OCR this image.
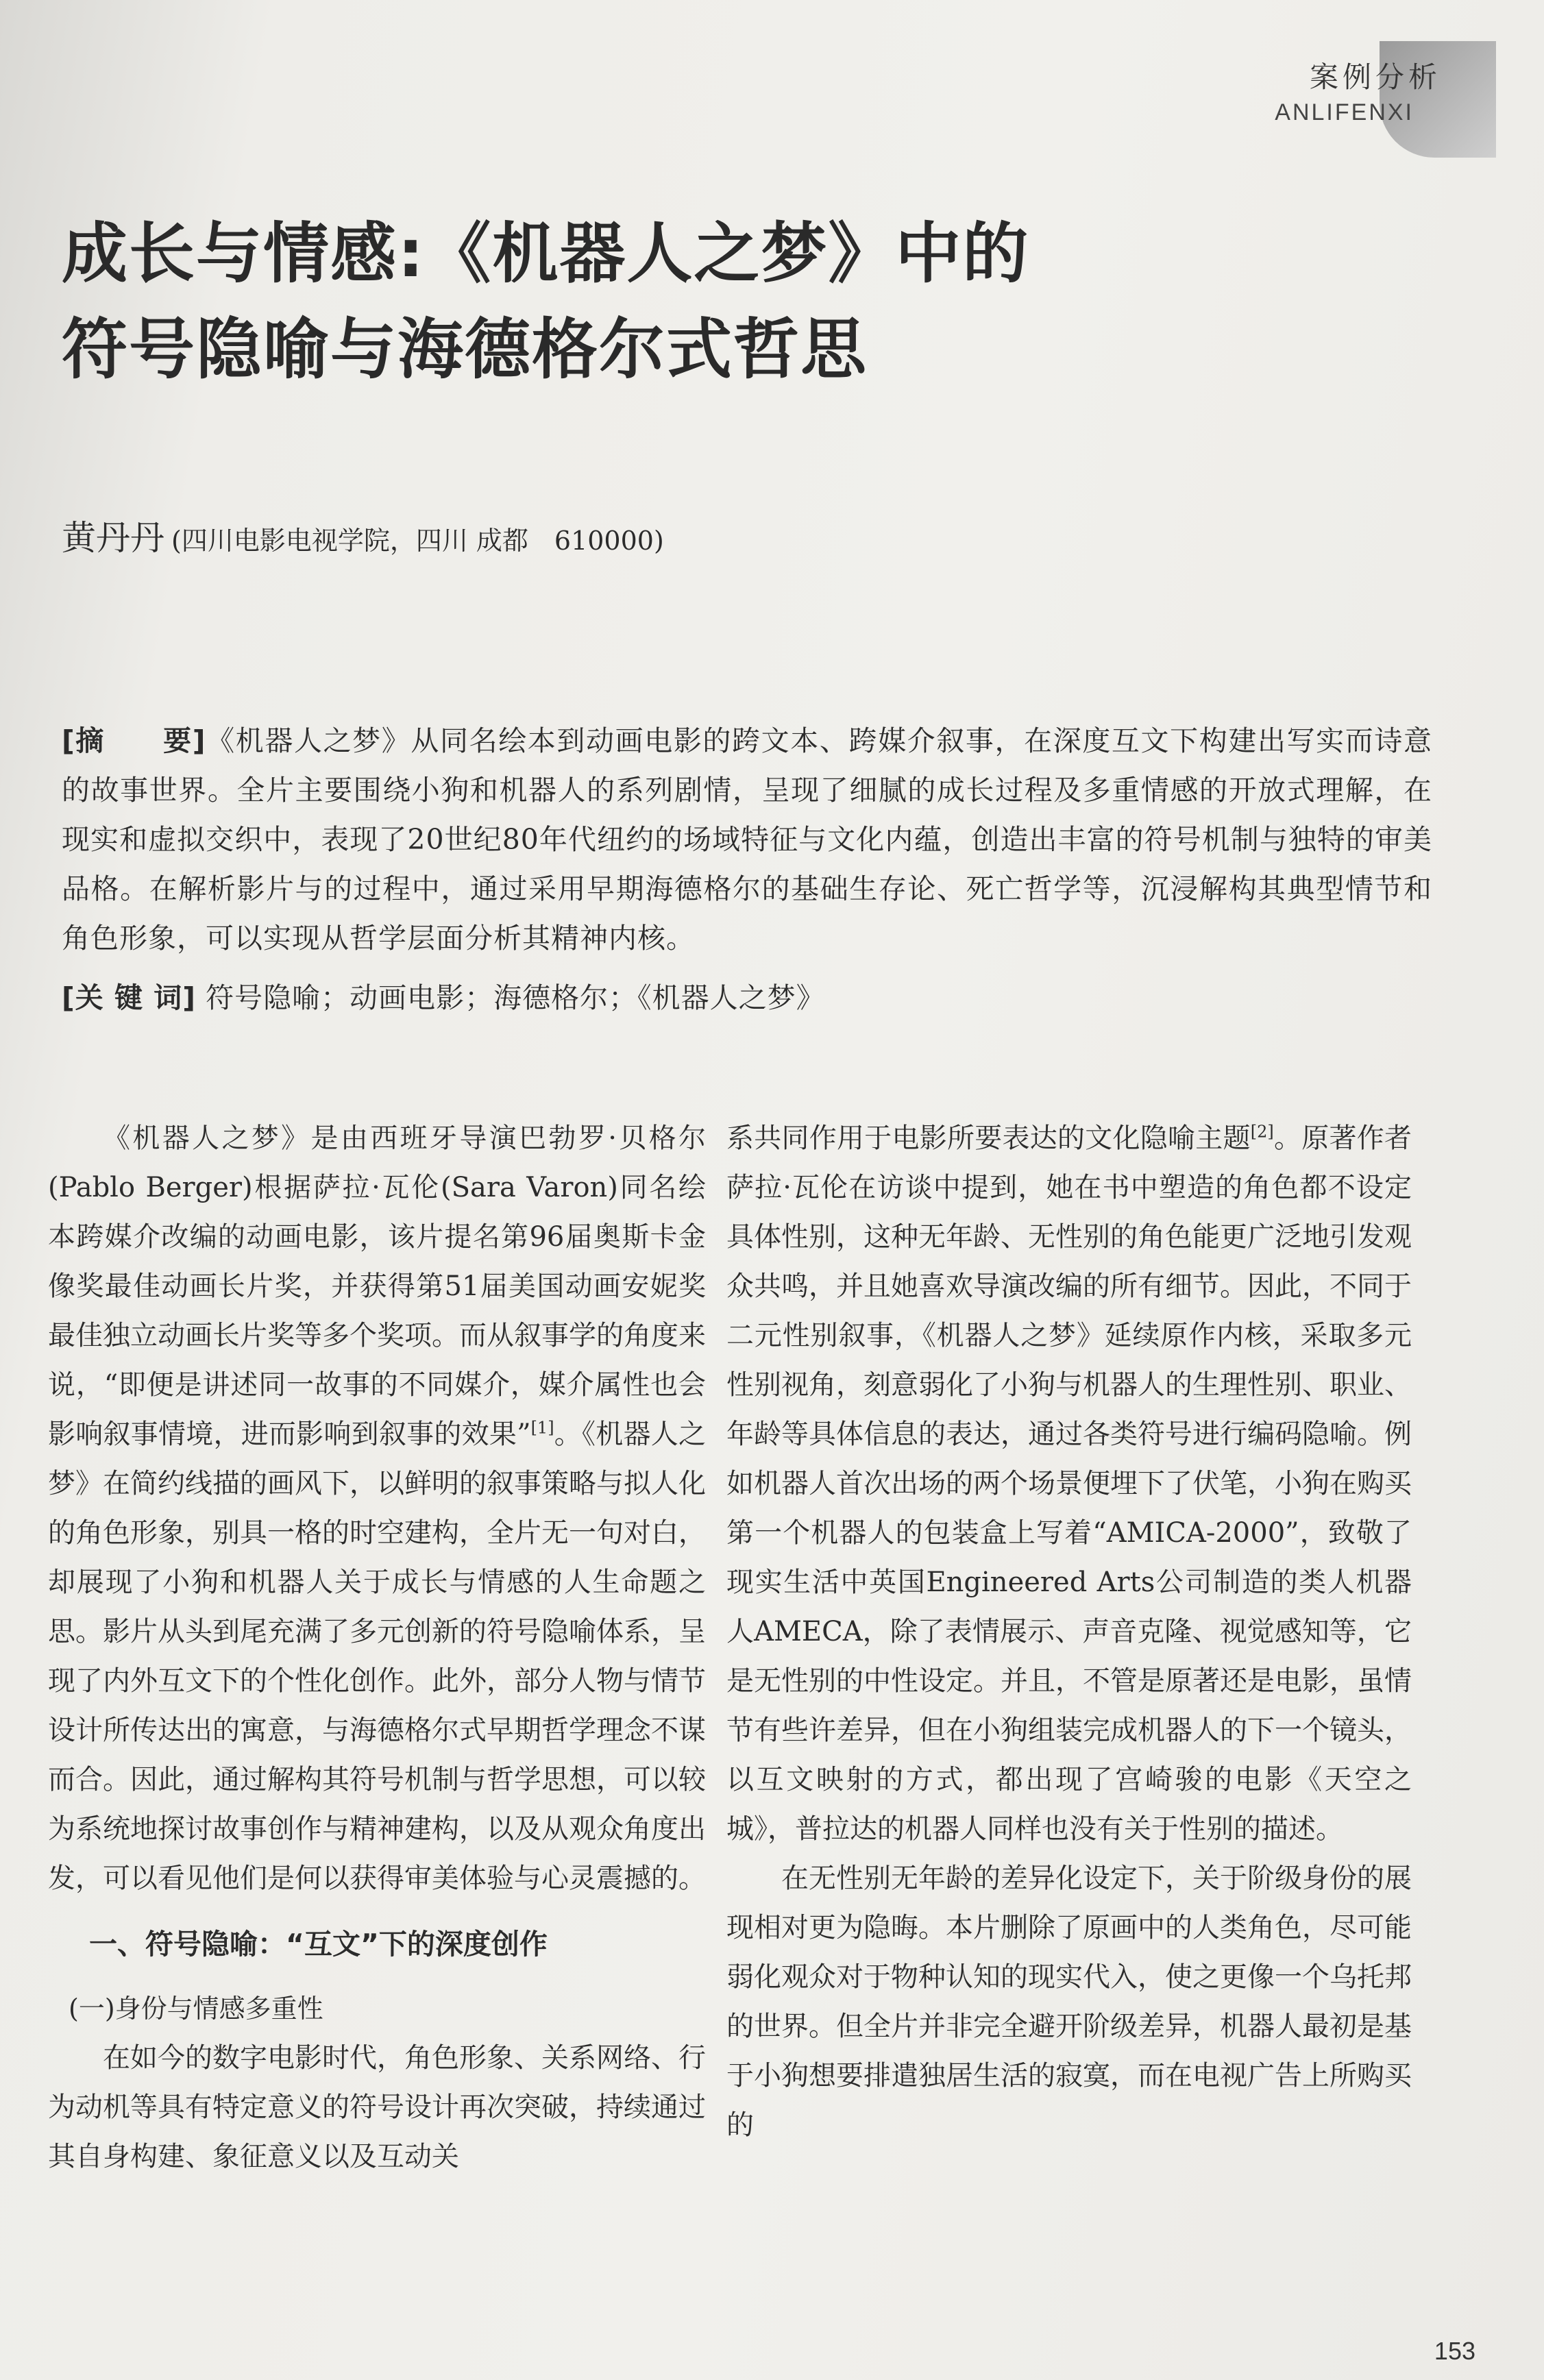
案例分析
ANLIFENXI
成长与情感:《机器人之梦》中的
符号隐喻与海德格尔式哲思
黄丹丹 (四川电影电视学院，四川 成都　610000)

[摘　　要]《机器人之梦》从同名绘本到动画电影的跨文本、跨媒介叙事，在深度互文下构建出写实而诗意的故事世界。全片主要围绕小狗和机器人的系列剧情，呈现了细腻的成长过程及多重情感的开放式理解，在现实和虚拟交织中，表现了20世纪80年代纽约的场域特征与文化内蕴，创造出丰富的符号机制与独特的审美品格。在解析影片与的过程中，通过采用早期海德格尔的基础生存论、死亡哲学等，沉浸解构其典型情节和角色形象，可以实现从哲学层面分析其精神内核。

[关 键 词] 符号隐喻；动画电影；海德格尔；《机器人之梦》

《机器人之梦》是由西班牙导演巴勃罗·贝格尔(Pablo Berger)根据萨拉·瓦伦(Sara Varon)同名绘本跨媒介改编的动画电影，该片提名第96届奥斯卡金像奖最佳动画长片奖，并获得第51届美国动画安妮奖最佳独立动画长片奖等多个奖项。而从叙事学的角度来说，“即便是讲述同一故事的不同媒介，媒介属性也会影响叙事情境，进而影响到叙事的效果”[1]。《机器人之梦》在简约线描的画风下，以鲜明的叙事策略与拟人化的角色形象，别具一格的时空建构，全片无一句对白，却展现了小狗和机器人关于成长与情感的人生命题之思。影片从头到尾充满了多元创新的符号隐喻体系，呈现了内外互文下的个性化创作。此外，部分人物与情节设计所传达出的寓意，与海德格尔式早期哲学理念不谋而合。因此，通过解构其符号机制与哲学思想，可以较为系统地探讨故事创作与精神建构，以及从观众角度出发，可以看见他们是何以获得审美体验与心灵震撼的。

一、符号隐喻：“互文”下的深度创作
(一)身份与情感多重性

在如今的数字电影时代，角色形象、关系网络、行为动机等具有特定意义的符号设计再次突破，持续通过其自身构建、象征意义以及互动关

系共同作用于电影所要表达的文化隐喻主题[2]。原著作者萨拉·瓦伦在访谈中提到，她在书中塑造的角色都不设定具体性别，这种无年龄、无性别的角色能更广泛地引发观众共鸣，并且她喜欢导演改编的所有细节。因此，不同于二元性别叙事，《机器人之梦》延续原作内核，采取多元性别视角，刻意弱化了小狗与机器人的生理性别、职业、年龄等具体信息的表达，通过各类符号进行编码隐喻。例如机器人首次出场的两个场景便埋下了伏笔，小狗在购买第一个机器人的包装盒上写着“AMICA-2000”，致敬了现实生活中英国Engineered Arts公司制造的类人机器人AMECA，除了表情展示、声音克隆、视觉感知等，它是无性别的中性设定。并且，不管是原著还是电影，虽情节有些许差异，但在小狗组装完成机器人的下一个镜头，以互文映射的方式，都出现了宫崎骏的电影《天空之城》，普拉达的机器人同样也没有关于性别的描述。

在无性别无年龄的差异化设定下，关于阶级身份的展现相对更为隐晦。本片删除了原画中的人类角色，尽可能弱化观众对于物种认知的现实代入，使之更像一个乌托邦的世界。但全片并非完全避开阶级差异，机器人最初是基于小狗想要排遣独居生活的寂寞，而在电视广告上所购买的

153
